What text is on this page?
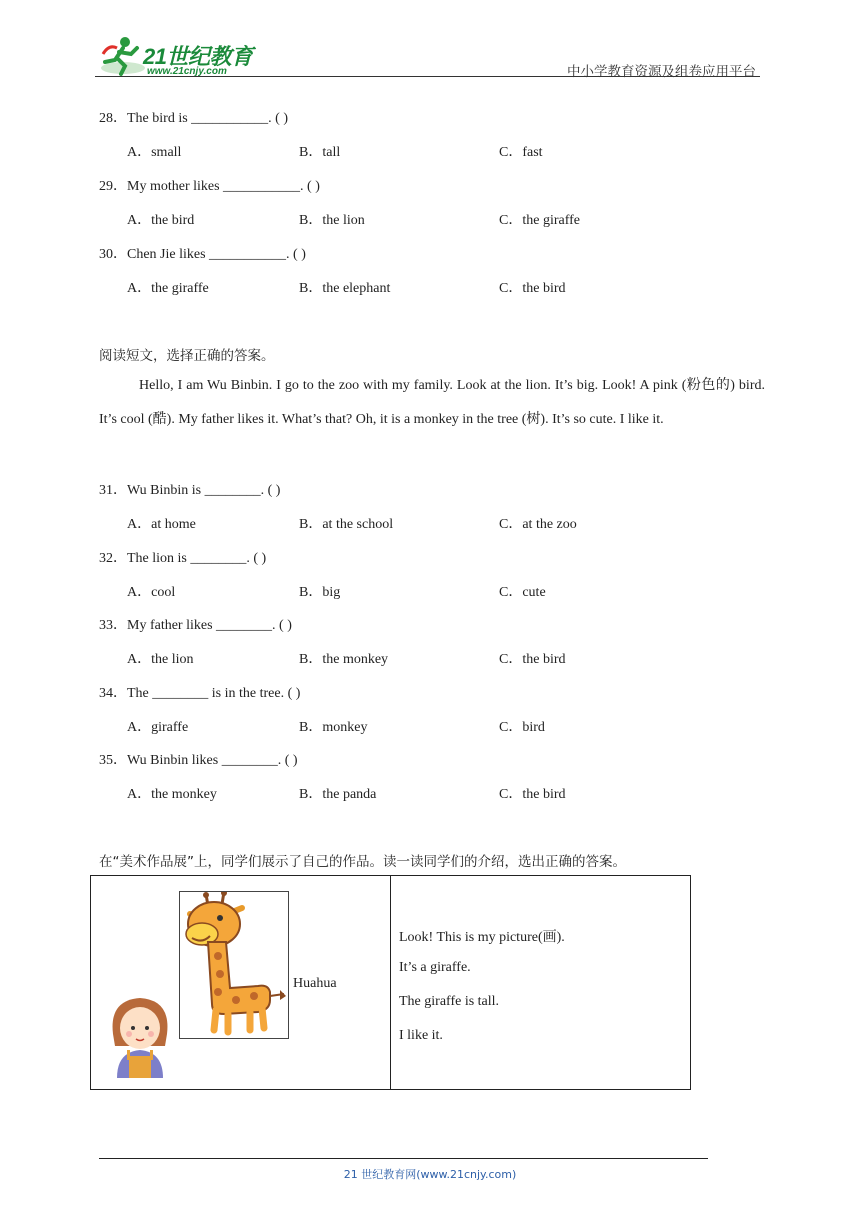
21世纪教育
www.21cnjy.com	中小学教育资源及组卷应用平台
28．The bird is ___________. ( )
A．small	B．tall	C．fast
29．My mother likes ___________. ( )
A．the bird	B．the lion	C．the giraffe
30．Chen Jie likes ___________. ( )
A．the giraffe	B．the elephant	C．the bird
阅读短文，选择正确的答案。
Hello, I am Wu Binbin. I go to the zoo with my family. Look at the lion. It’s big. Look! A pink (粉色的) bird. It’s cool (酷). My father likes it. What’s that? Oh, it is a monkey in the tree (树). It’s so cute. I like it.
31．Wu Binbin is ________. ( )
A．at home	B．at the school	C．at the zoo
32．The lion is ________. ( )
A．cool	B．big	C．cute
33．My father likes ________. ( )
A．the lion	B．the monkey	C．the bird
34．The ________ is in the tree. ( )
A．giraffe	B．monkey	C．bird
35．Wu Binbin likes ________. ( )
A．the monkey	B．the panda	C．the bird
在“美术作品展”上，同学们展示了自己的作品。读一读同学们的介绍，选出正确的答案。
Huahua

Look! This is my picture(画).
It’s a giraffe.
The giraffe is tall.
I like it.
21 世纪教育网(www.21cnjy.com)
